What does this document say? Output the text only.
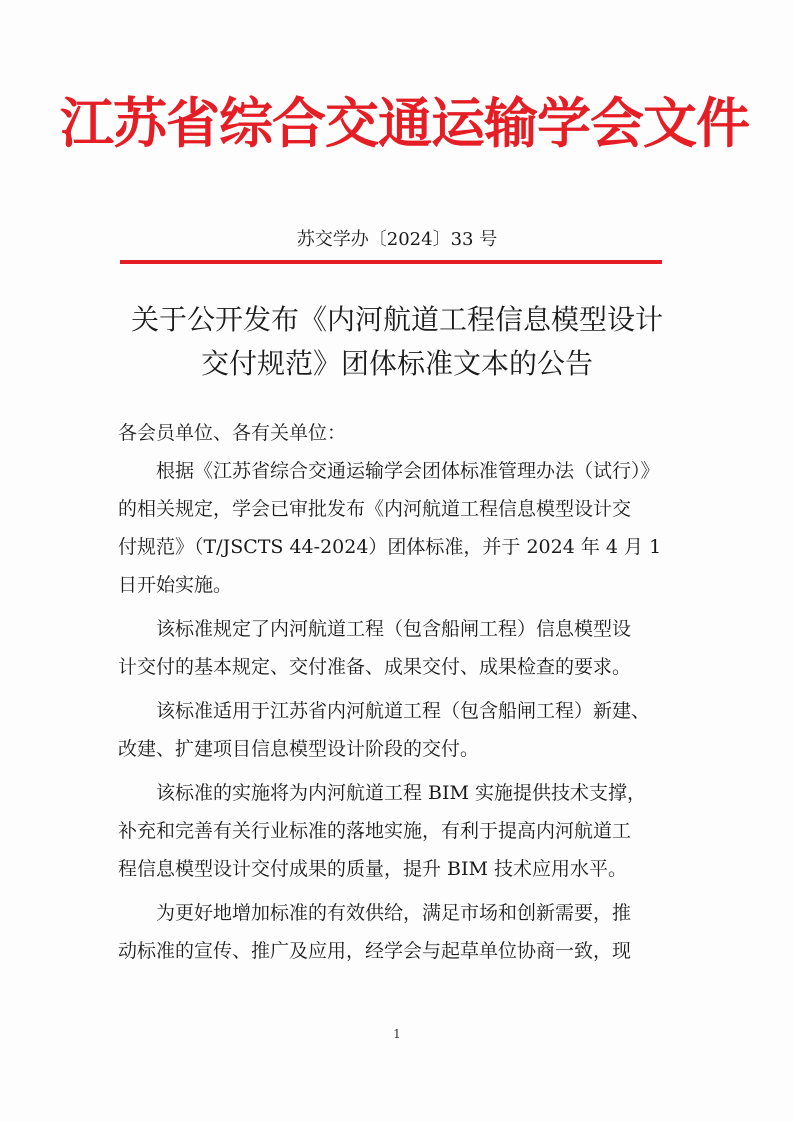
江苏省综合交通运输学会文件
苏交学办〔2024〕33 号
关于公开发布《内河航道工程信息模型设计
交付规范》团体标准文本的公告
各会员单位、各有关单位：

根据《江苏省综合交通运输学会团体标准管理办法（试行）》
的相关规定，学会已审批发布《内河航道工程信息模型设计交
付规范》（T/JSCTS 44-2024）团体标准，并于 2024 年 4 月 1
日开始实施。

该标准规定了内河航道工程（包含船闸工程）信息模型设
计交付的基本规定、交付准备、成果交付、成果检查的要求。

该标准适用于江苏省内河航道工程（包含船闸工程）新建、
改建、扩建项目信息模型设计阶段的交付。

该标准的实施将为内河航道工程 BIM 实施提供技术支撑，
补充和完善有关行业标准的落地实施，有利于提高内河航道工
程信息模型设计交付成果的质量，提升 BIM 技术应用水平。

为更好地增加标准的有效供给，满足市场和创新需要，推
动标准的宣传、推广及应用，经学会与起草单位协商一致，现

1
